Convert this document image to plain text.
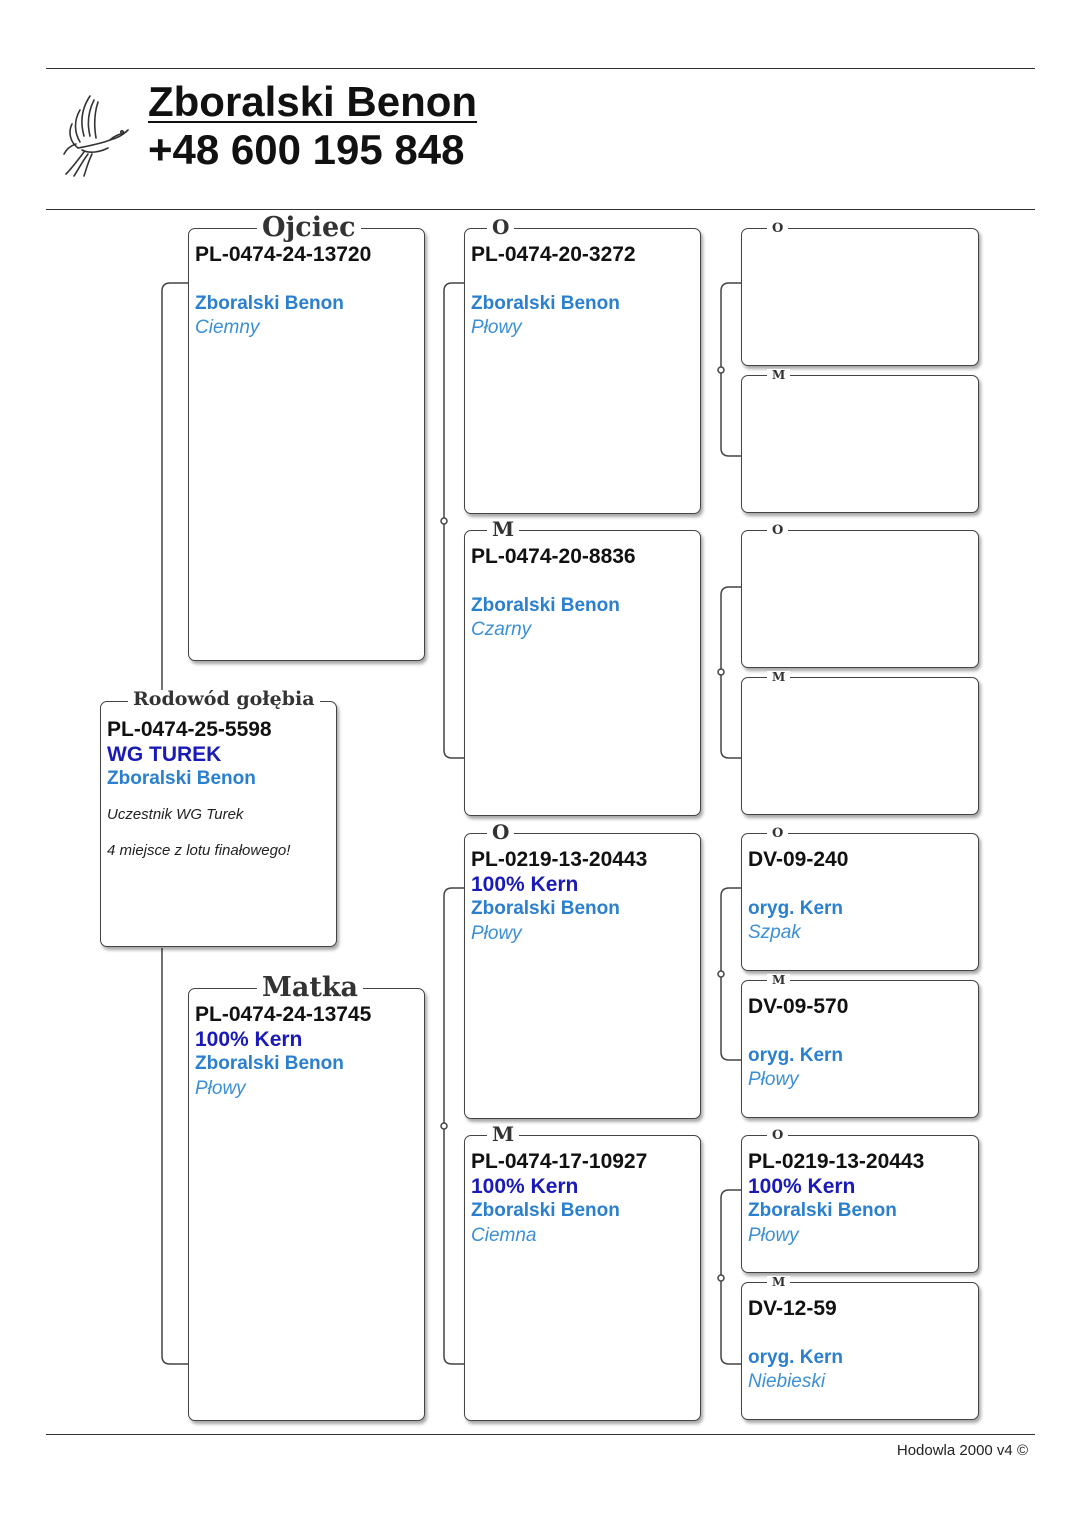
Zboralski Benon
+48 600 195 848
PL-0474-24-13720
Zboralski Benon
Ciemny
Ojciec
PL-0474-25-5598
WG TUREK
Zboralski Benon
Uczestnik WG Turek
4 miejsce z lotu finałowego!
Rodowód gołębia
PL-0474-24-13745
100% Kern
Zboralski Benon
Płowy
Matka
PL-0474-20-3272
Zboralski Benon
Płowy
O
PL-0474-20-8836
Zboralski Benon
Czarny
M
PL-0219-13-20443
100% Kern
Zboralski Benon
Płowy
O
PL-0474-17-10927
100% Kern
Zboralski Benon
Ciemna
M
O
M
O
M
DV-09-240
oryg. Kern
Szpak
O
DV-09-570
oryg. Kern
Płowy
M
PL-0219-13-20443
100% Kern
Zboralski Benon
Płowy
O
DV-12-59
oryg. Kern
Niebieski
M
Hodowla 2000 v4 ©
